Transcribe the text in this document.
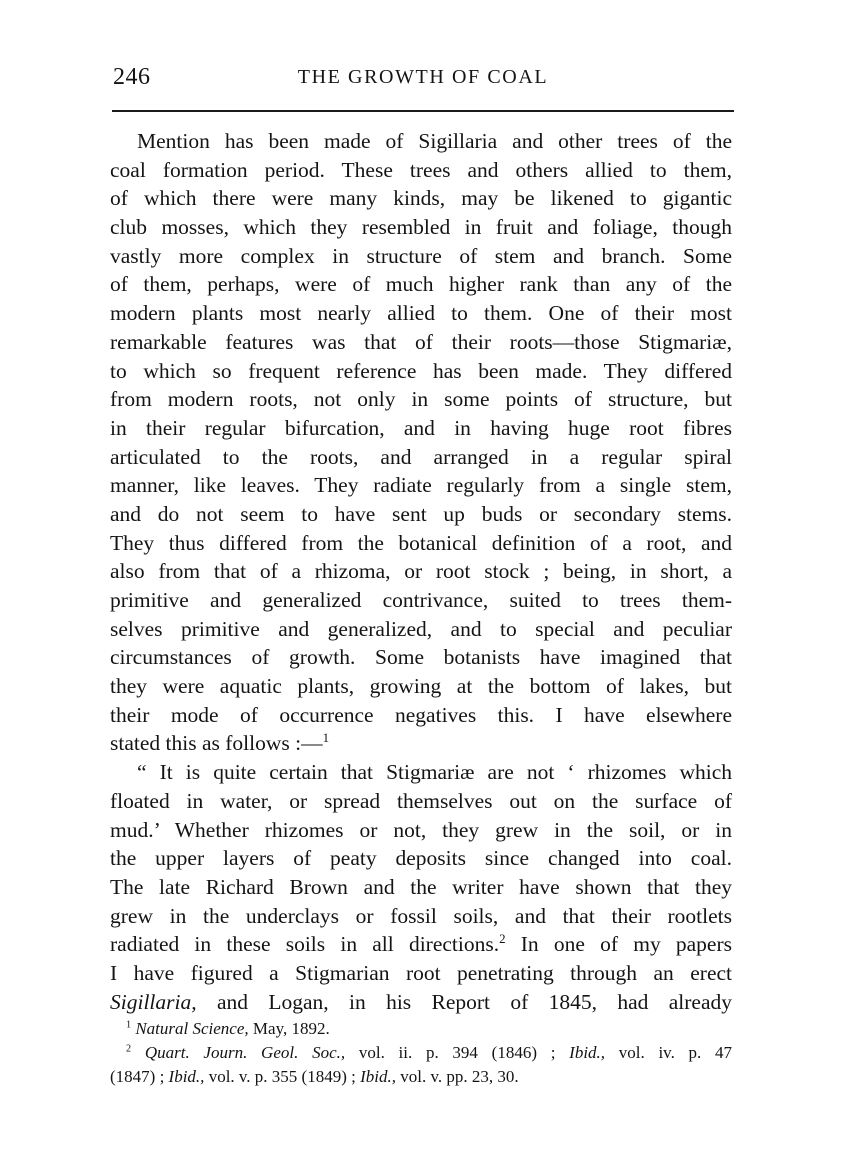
246	THE GROWTH OF COAL
Mention has been made of Sigillaria and other trees of the
coal formation period. These trees and others allied to them,
of which there were many kinds, may be likened to gigantic
club mosses, which they resembled in fruit and foliage, though
vastly more complex in structure of stem and branch. Some
of them, perhaps, were of much higher rank than any of the
modern plants most nearly allied to them. One of their most
remarkable features was that of their roots—those Stigmariæ,
to which so frequent reference has been made. They differed
from modern roots, not only in some points of structure, but
in their regular bifurcation, and in having huge root fibres
articulated to the roots, and arranged in a regular spiral
manner, like leaves. They radiate regularly from a single stem,
and do not seem to have sent up buds or secondary stems.
They thus differed from the botanical definition of a root, and
also from that of a rhizoma, or root stock ; being, in short, a
primitive and generalized contrivance, suited to trees them-
selves primitive and generalized, and to special and peculiar
circumstances of growth. Some botanists have imagined that
they were aquatic plants, growing at the bottom of lakes, but
their mode of occurrence negatives this. I have elsewhere
stated this as follows :—$^1$
“ It is quite certain that Stigmariæ are not ‘ rhizomes which
floated in water, or spread themselves out on the surface of
mud.’ Whether rhizomes or not, they grew in the soil, or in
the upper layers of peaty deposits since changed into coal.
The late Richard Brown and the writer have shown that they
grew in the underclays or fossil soils, and that their rootlets
radiated in these soils in all directions.$^2$ In one of my papers
I have figured a Stigmarian root penetrating through an erect
Sigillaria, and Logan, in his Report of 1845, had already
$^1$ Natural Science, May, 1892.
$^2$ Quart. Journ. Geol. Soc., vol. ii. p. 394 (1846) ; Ibid., vol. iv. p. 47
(1847) ; Ibid., vol. v. p. 355 (1849) ; Ibid., vol. v. pp. 23, 30.
